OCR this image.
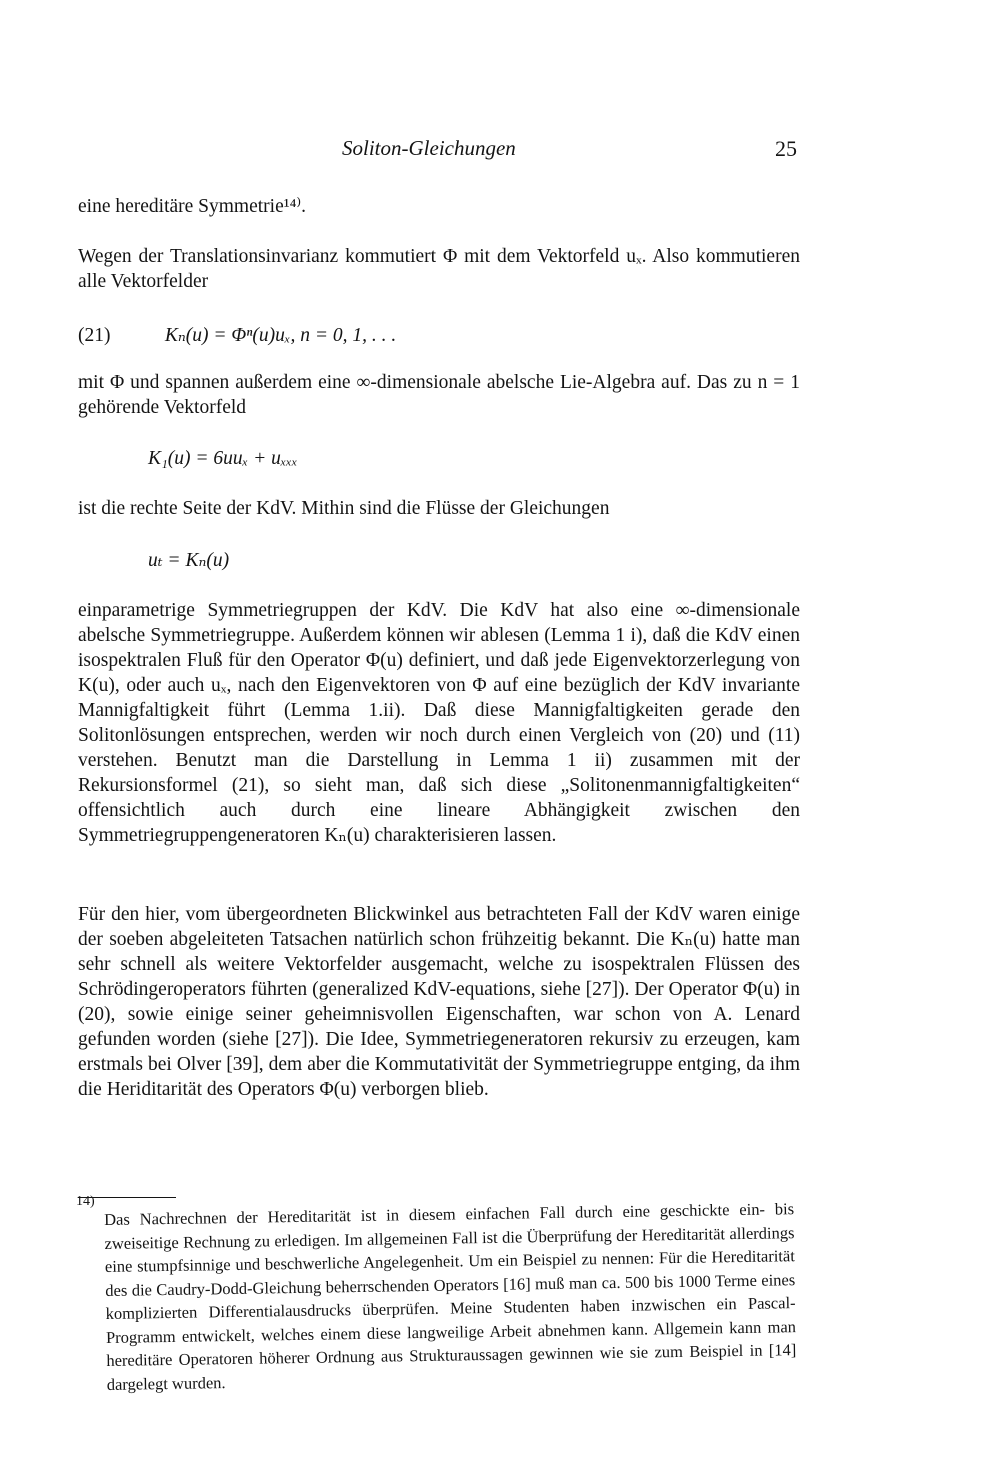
Soliton-Gleichungen	25
eine hereditäre Symmetrie¹⁴⁾.
Wegen der Translationsinvarianz kommutiert Φ mit dem Vektorfeld uₓ. Also kommutieren alle Vektorfelder
(21)	Kₙ(u) = Φⁿ(u)uₓ, n = 0, 1, . . .
mit Φ und spannen außerdem eine ∞-dimensionale abelsche Lie-Algebra auf. Das zu n = 1 gehörende Vektorfeld
K₁(u) = 6uuₓ + uₓₓₓ
ist die rechte Seite der KdV. Mithin sind die Flüsse der Gleichungen
uₜ = Kₙ(u)
einparametrige Symmetriegruppen der KdV. Die KdV hat also eine ∞-dimensionale abelsche Symmetriegruppe. Außerdem können wir ablesen (Lemma 1 i), daß die KdV einen isospektralen Fluß für den Operator Φ(u) definiert, und daß jede Eigenvektorzerlegung von K(u), oder auch uₓ, nach den Eigenvektoren von Φ auf eine bezüglich der KdV invariante Mannigfaltigkeit führt (Lemma 1.ii). Daß diese Mannigfaltigkeiten gerade den Solitonlösungen entsprechen, werden wir noch durch einen Vergleich von (20) und (11) verstehen. Benutzt man die Darstellung in Lemma 1 ii) zusammen mit der Rekursionsformel (21), so sieht man, daß sich diese „Solitonenmannigfaltigkeiten“ offensichtlich auch durch eine lineare Abhängigkeit zwischen den Symmetriegruppengeneratoren Kₙ(u) charakterisieren lassen.
Für den hier, vom übergeordneten Blickwinkel aus betrachteten Fall der KdV waren einige der soeben abgeleiteten Tatsachen natürlich schon frühzeitig bekannt. Die Kₙ(u) hatte man sehr schnell als weitere Vektorfelder ausgemacht, welche zu isospektralen Flüssen des Schrödingeroperators führten (generalized KdV-equations, siehe [27]). Der Operator Φ(u) in (20), sowie einige seiner geheimnisvollen Eigenschaften, war schon von A. Lenard gefunden worden (siehe [27]). Die Idee, Symmetriegeneratoren rekursiv zu erzeugen, kam erstmals bei Olver [39], dem aber die Kommutativität der Symmetriegruppe entging, da ihm die Heriditarität des Operators Φ(u) verborgen blieb.
14) Das Nachrechnen der Hereditarität ist in diesem einfachen Fall durch eine geschickte ein- bis zweiseitige Rechnung zu erledigen. Im allgemeinen Fall ist die Überprüfung der Hereditarität allerdings eine stumpfsinnige und beschwerliche Angelegenheit. Um ein Beispiel zu nennen: Für die Hereditarität des die Caudry-Dodd-Gleichung beherrschenden Operators [16] muß man ca. 500 bis 1000 Terme eines komplizierten Differentialausdrucks überprüfen. Meine Studenten haben inzwischen ein Pascal-Programm entwickelt, welches einem diese langweilige Arbeit abnehmen kann. Allgemein kann man hereditäre Operatoren höherer Ordnung aus Strukturaussagen gewinnen wie sie zum Beispiel in [14] dargelegt wurden.
